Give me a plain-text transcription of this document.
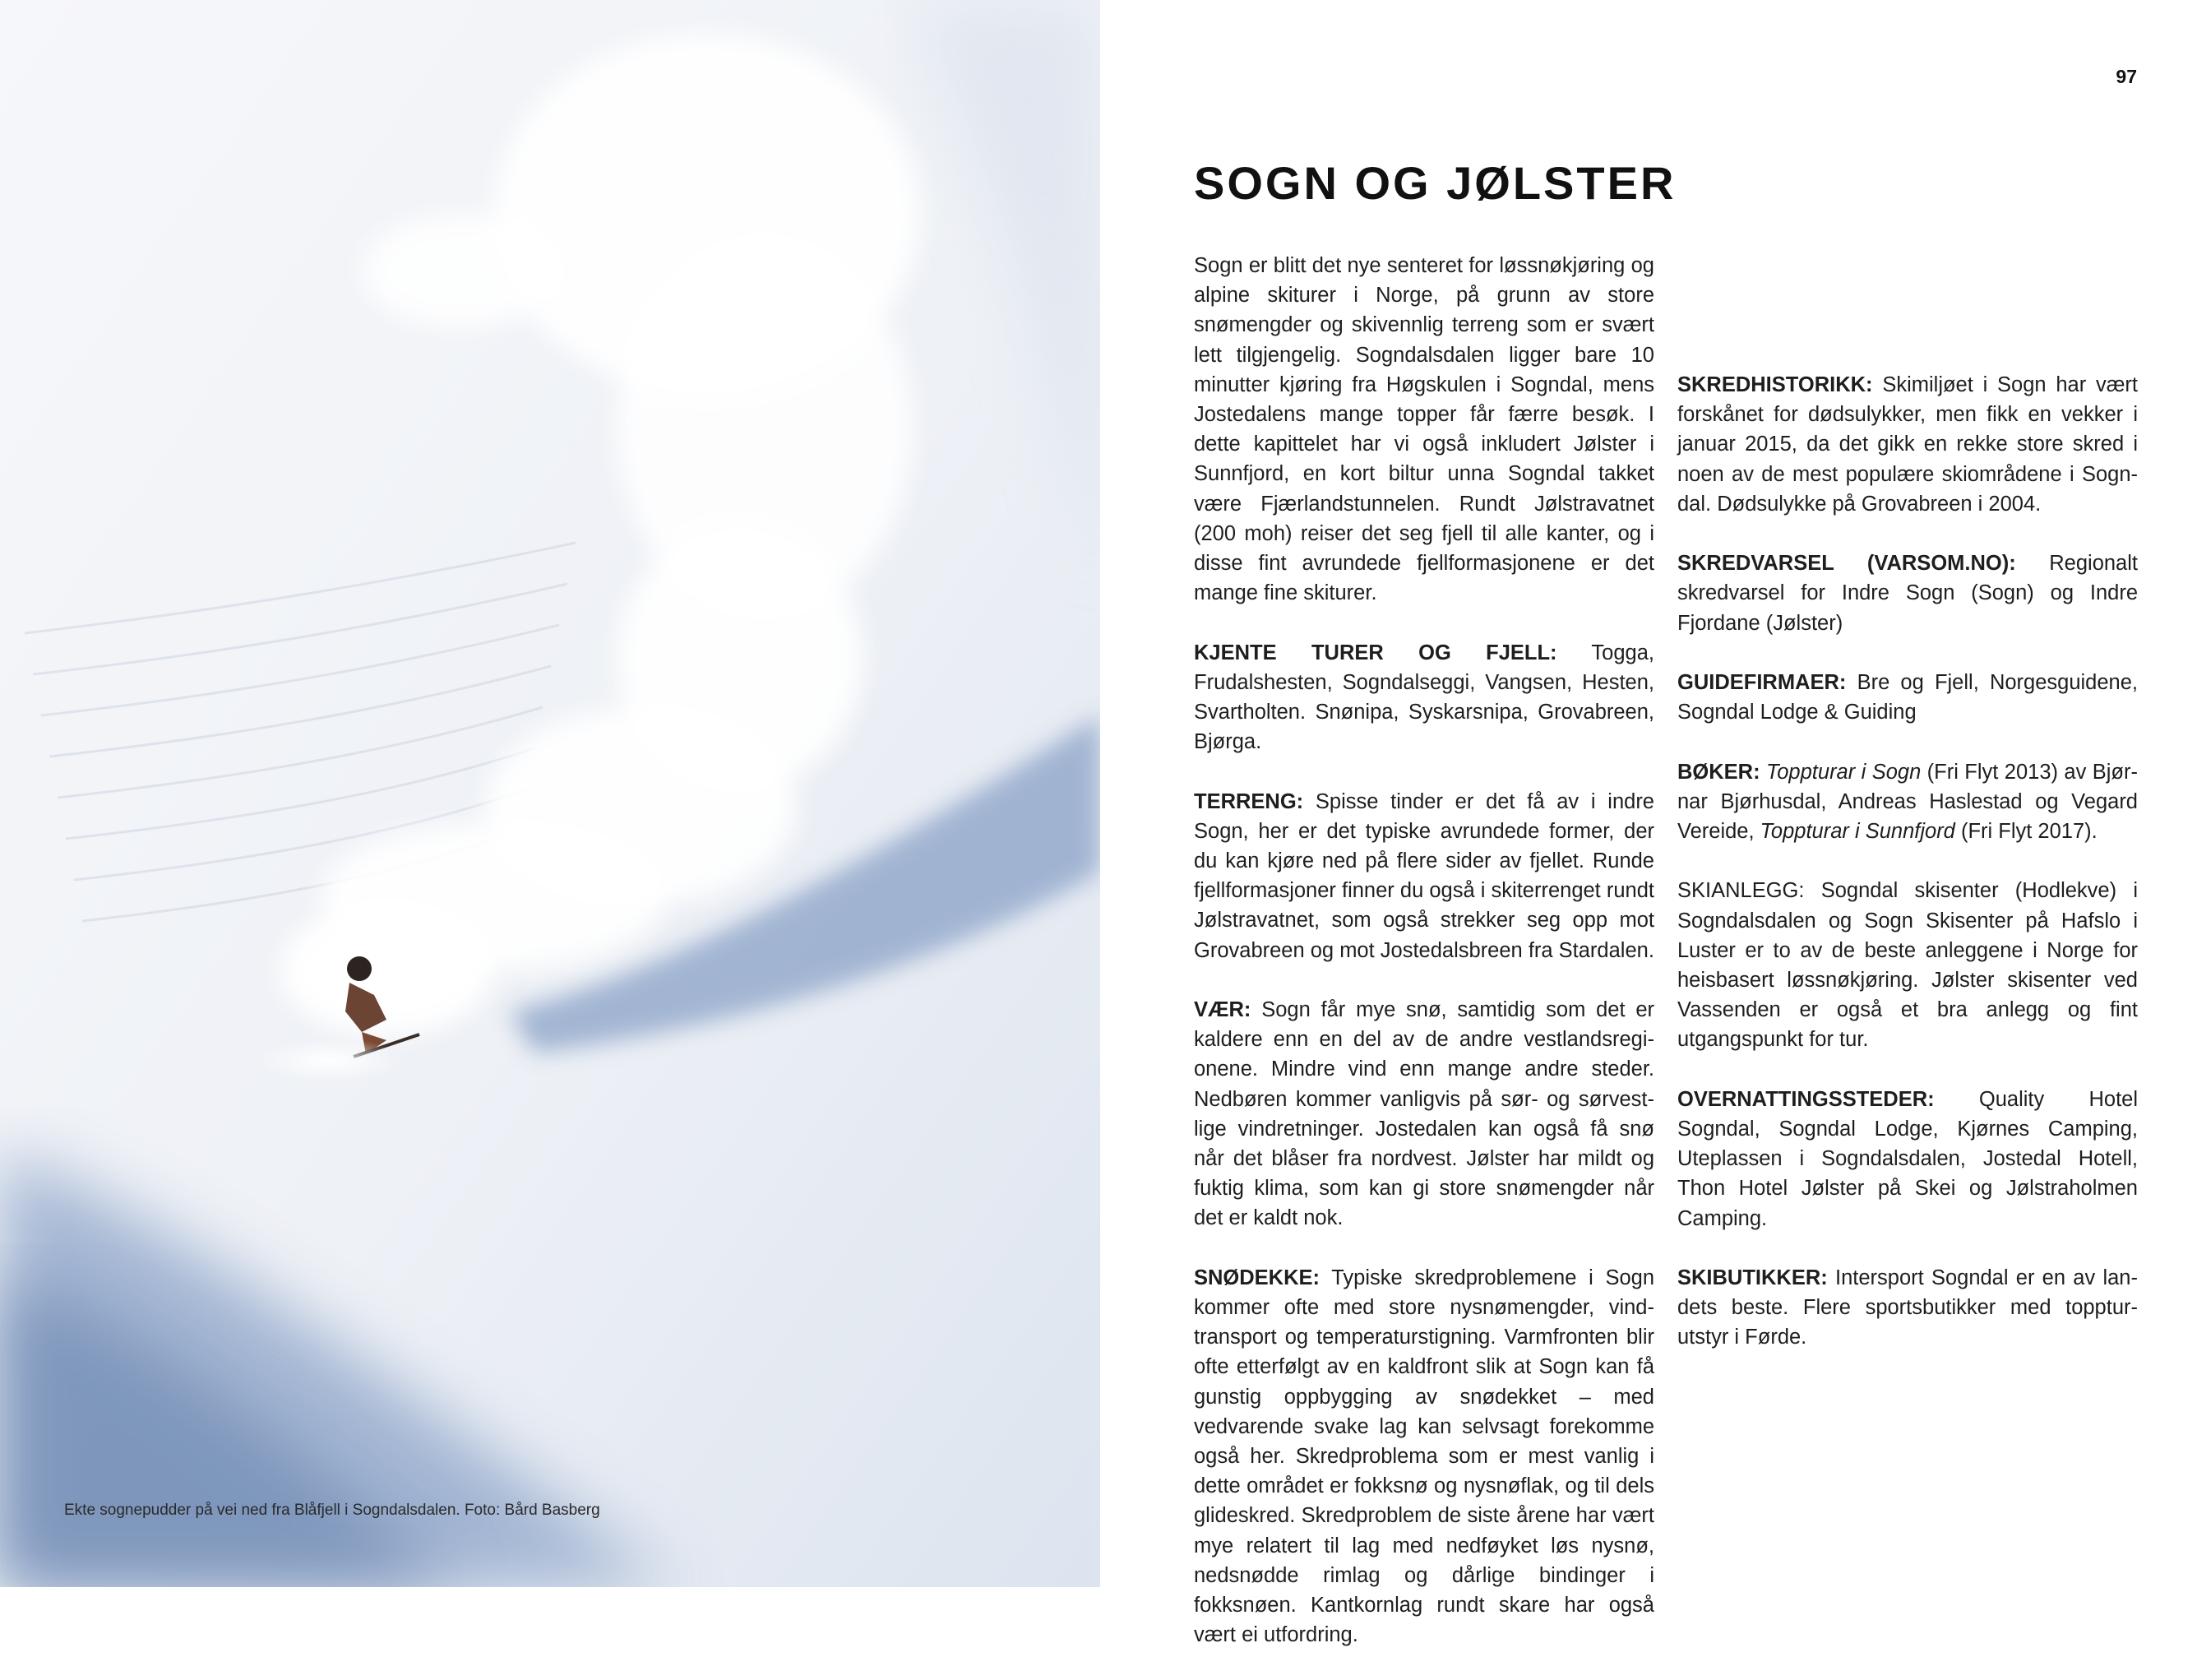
Ekte sognepudder på vei ned fra Blåfjell i Sogndalsdalen. Foto: Bård Basberg
97
SOGN OG JØLSTER

Sogn er blitt det nye senteret for løssnøkjøring og alpine skiturer i Norge, på grunn av store snømengder og skivennlig terreng som er svært lett tilgjengelig. Sogndalsdalen ligger bare 10 minutter kjøring fra Høgskulen i Sogndal, mens Jostedalens mange topper får færre besøk. I dette kapittelet har vi også inkludert Jølster i Sunnfjord, en kort biltur unna Sogndal takket være Fjærlandstunnelen. Rundt Jølstravatnet (200 moh) reiser det seg fjell til alle kanter, og i disse fint avrundede fjellformasjonene er det mange fine skiturer.

KJENTE TURER OG FJELL: Togga, Frudalshesten, Sogndalseggi, Vangsen, Hesten, Svartholten. Snønipa, Syskarsnipa, Grovabreen, Bjørga.

TERRENG: Spisse tinder er det få av i indre Sogn, her er det typiske avrundede former, der du kan kjøre ned på flere sider av fjellet. Runde fjellformasjoner finner du også i skiterrenget rundt Jølstravatnet, som også strekker seg opp mot Grovabreen og mot Jostedalsbreen fra Stardalen.

VÆR: Sogn får mye snø, samtidig som det er kaldere enn en del av de andre vestlandsregionene. Mindre vind enn mange andre steder. Nedbøren kommer vanligvis på sør- og sørvestlige vindretninger. Jostedalen kan også få snø når det blåser fra nordvest. Jølster har mildt og fuktig klima, som kan gi store snømengder når det er kaldt nok.

SNØDEKKE: Typiske skredproblemene i Sogn kommer ofte med store nysnømengder, vindtransport og temperaturstigning. Varmfronten blir ofte etterfølgt av en kaldfront slik at Sogn kan få gunstig oppbygging av snødekket – med vedvarende svake lag kan selvsagt forekomme også her. Skredproblema som er mest vanlig i dette området er fokksnø og nysnøflak, og til dels glideskred. Skredproblem de siste årene har vært mye relatert til lag med nedføyket løs nysnø, nedsnødde rimlag og dårlige bindinger i fokksnøen. Kantkornlag rundt skare har også vært ei utfordring.

SKREDHISTORIKK: Skimiljøet i Sogn har vært forskånet for dødsulykker, men fikk en vekker i januar 2015, da det gikk en rekke store skred i noen av de mest populære skiområdene i Sogndal. Dødsulykke på Grovabreen i 2004.

SKREDVARSEL (VARSOM.NO): Regionalt skredvarsel for Indre Sogn (Sogn) og Indre Fjordane (Jølster)

GUIDEFIRMAER: Bre og Fjell, Norgesguidene, Sogndal Lodge & Guiding

BØKER: Toppturar i Sogn (Fri Flyt 2013) av Bjørnar Bjørhusdal, Andreas Haslestad og Vegard Vereide, Toppturar i Sunnfjord (Fri Flyt 2017).

SKIANLEGG: Sogndal skisenter (Hodlekve) i Sogndalsdalen og Sogn Skisenter på Hafslo i Luster er to av de beste anleggene i Norge for heisbasert løssnøkjøring. Jølster skisenter ved Vassenden er også et bra anlegg og fint utgangspunkt for tur.

OVERNATTINGSSTEDER: Quality Hotel Sogndal, Sogndal Lodge, Kjørnes Camping, Uteplassen i Sogndalsdalen, Jostedal Hotell, Thon Hotel Jølster på Skei og Jølstraholmen Camping.

SKIBUTIKKER: Intersport Sogndal er en av landets beste. Flere sportsbutikker med toppturutstyr i Førde.
